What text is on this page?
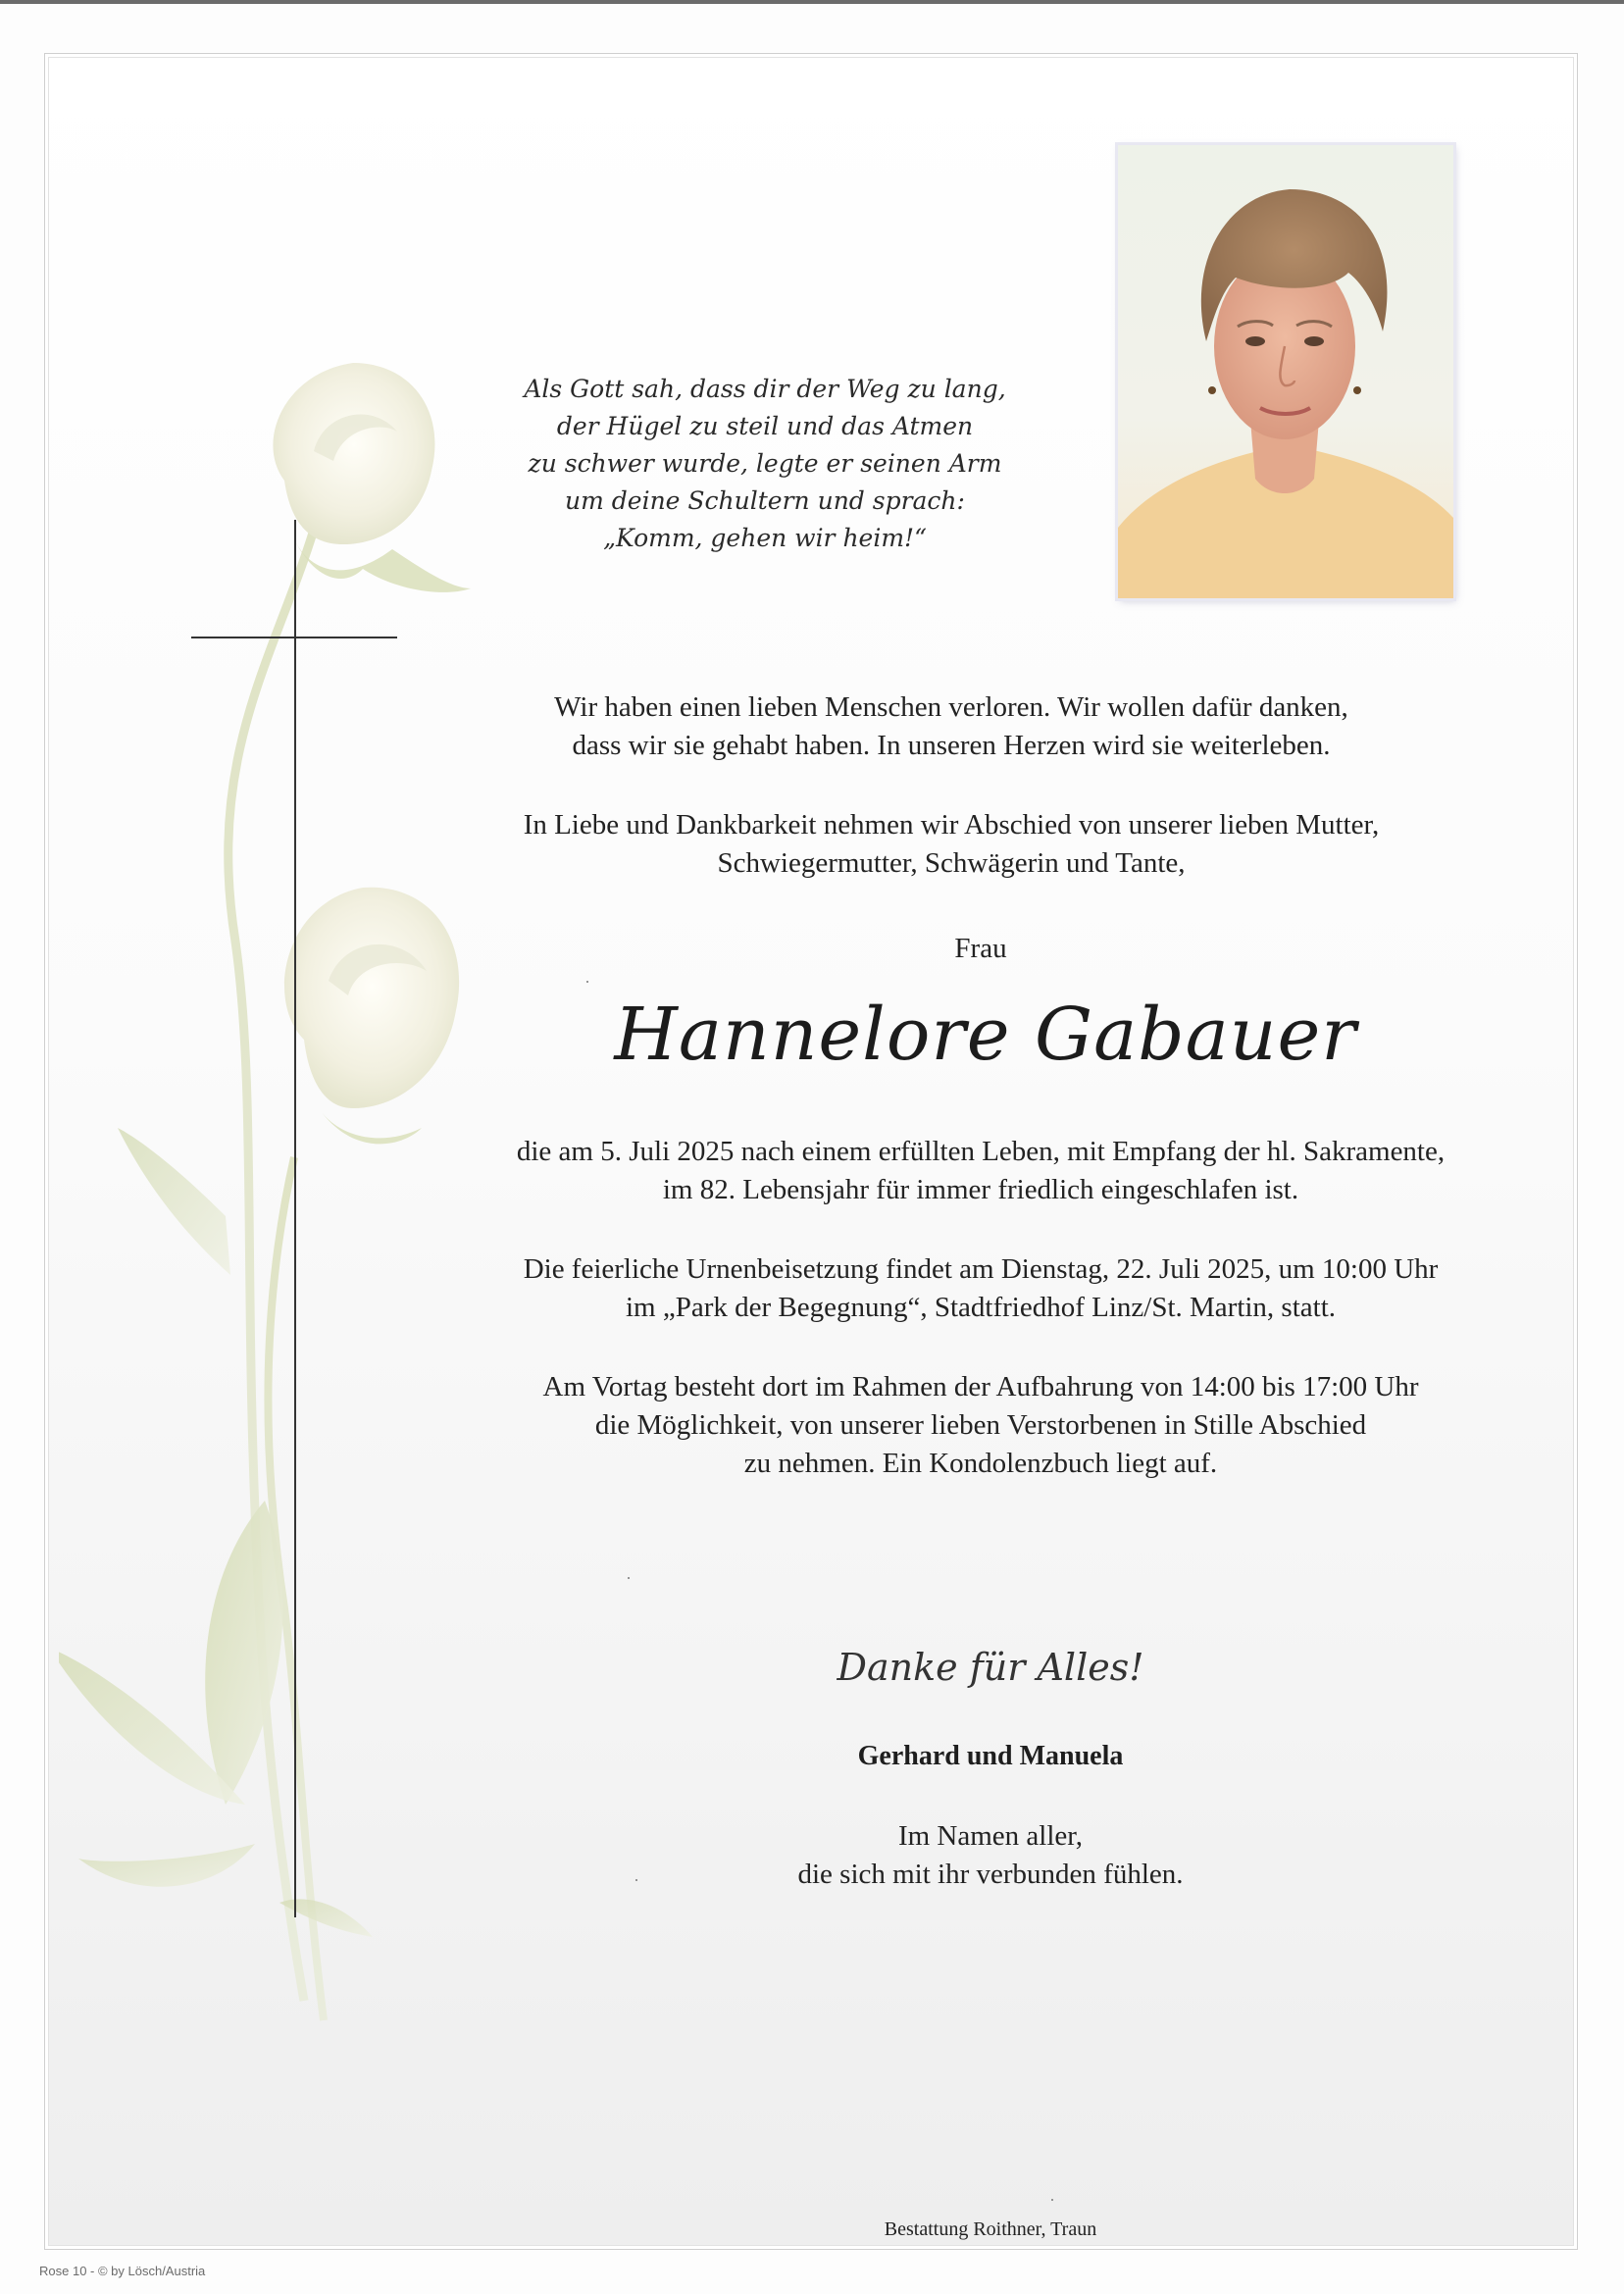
Als Gott sah, dass dir der Weg zu lang,
der Hügel zu steil und das Atmen
zu schwer wurde, legte er seinen Arm
um deine Schultern und sprach:
„Komm, gehen wir heim!“
Wir haben einen lieben Menschen verloren. Wir wollen dafür danken,
dass wir sie gehabt haben. In unseren Herzen wird sie weiterleben.
In Liebe und Dankbarkeit nehmen wir Abschied von unserer lieben Mutter,
Schwiegermutter, Schwägerin und Tante,
Frau
Hannelore Gabauer
die am 5. Juli 2025 nach einem erfüllten Leben, mit Empfang der hl. Sakramente,
im 82. Lebensjahr für immer friedlich eingeschlafen ist.
Die feierliche Urnenbeisetzung findet am Dienstag, 22. Juli 2025, um 10:00 Uhr
im „Park der Begegnung“, Stadtfriedhof Linz/St. Martin, statt.
Am Vortag besteht dort im Rahmen der Aufbahrung von 14:00 bis 17:00 Uhr
die Möglichkeit, von unserer lieben Verstorbenen in Stille Abschied
zu nehmen. Ein Kondolenzbuch liegt auf.
Danke für Alles!
Gerhard und Manuela
Im Namen aller,
die sich mit ihr verbunden fühlen.
Bestattung Roithner, Traun
Rose 10 - © by Lösch/Austria
